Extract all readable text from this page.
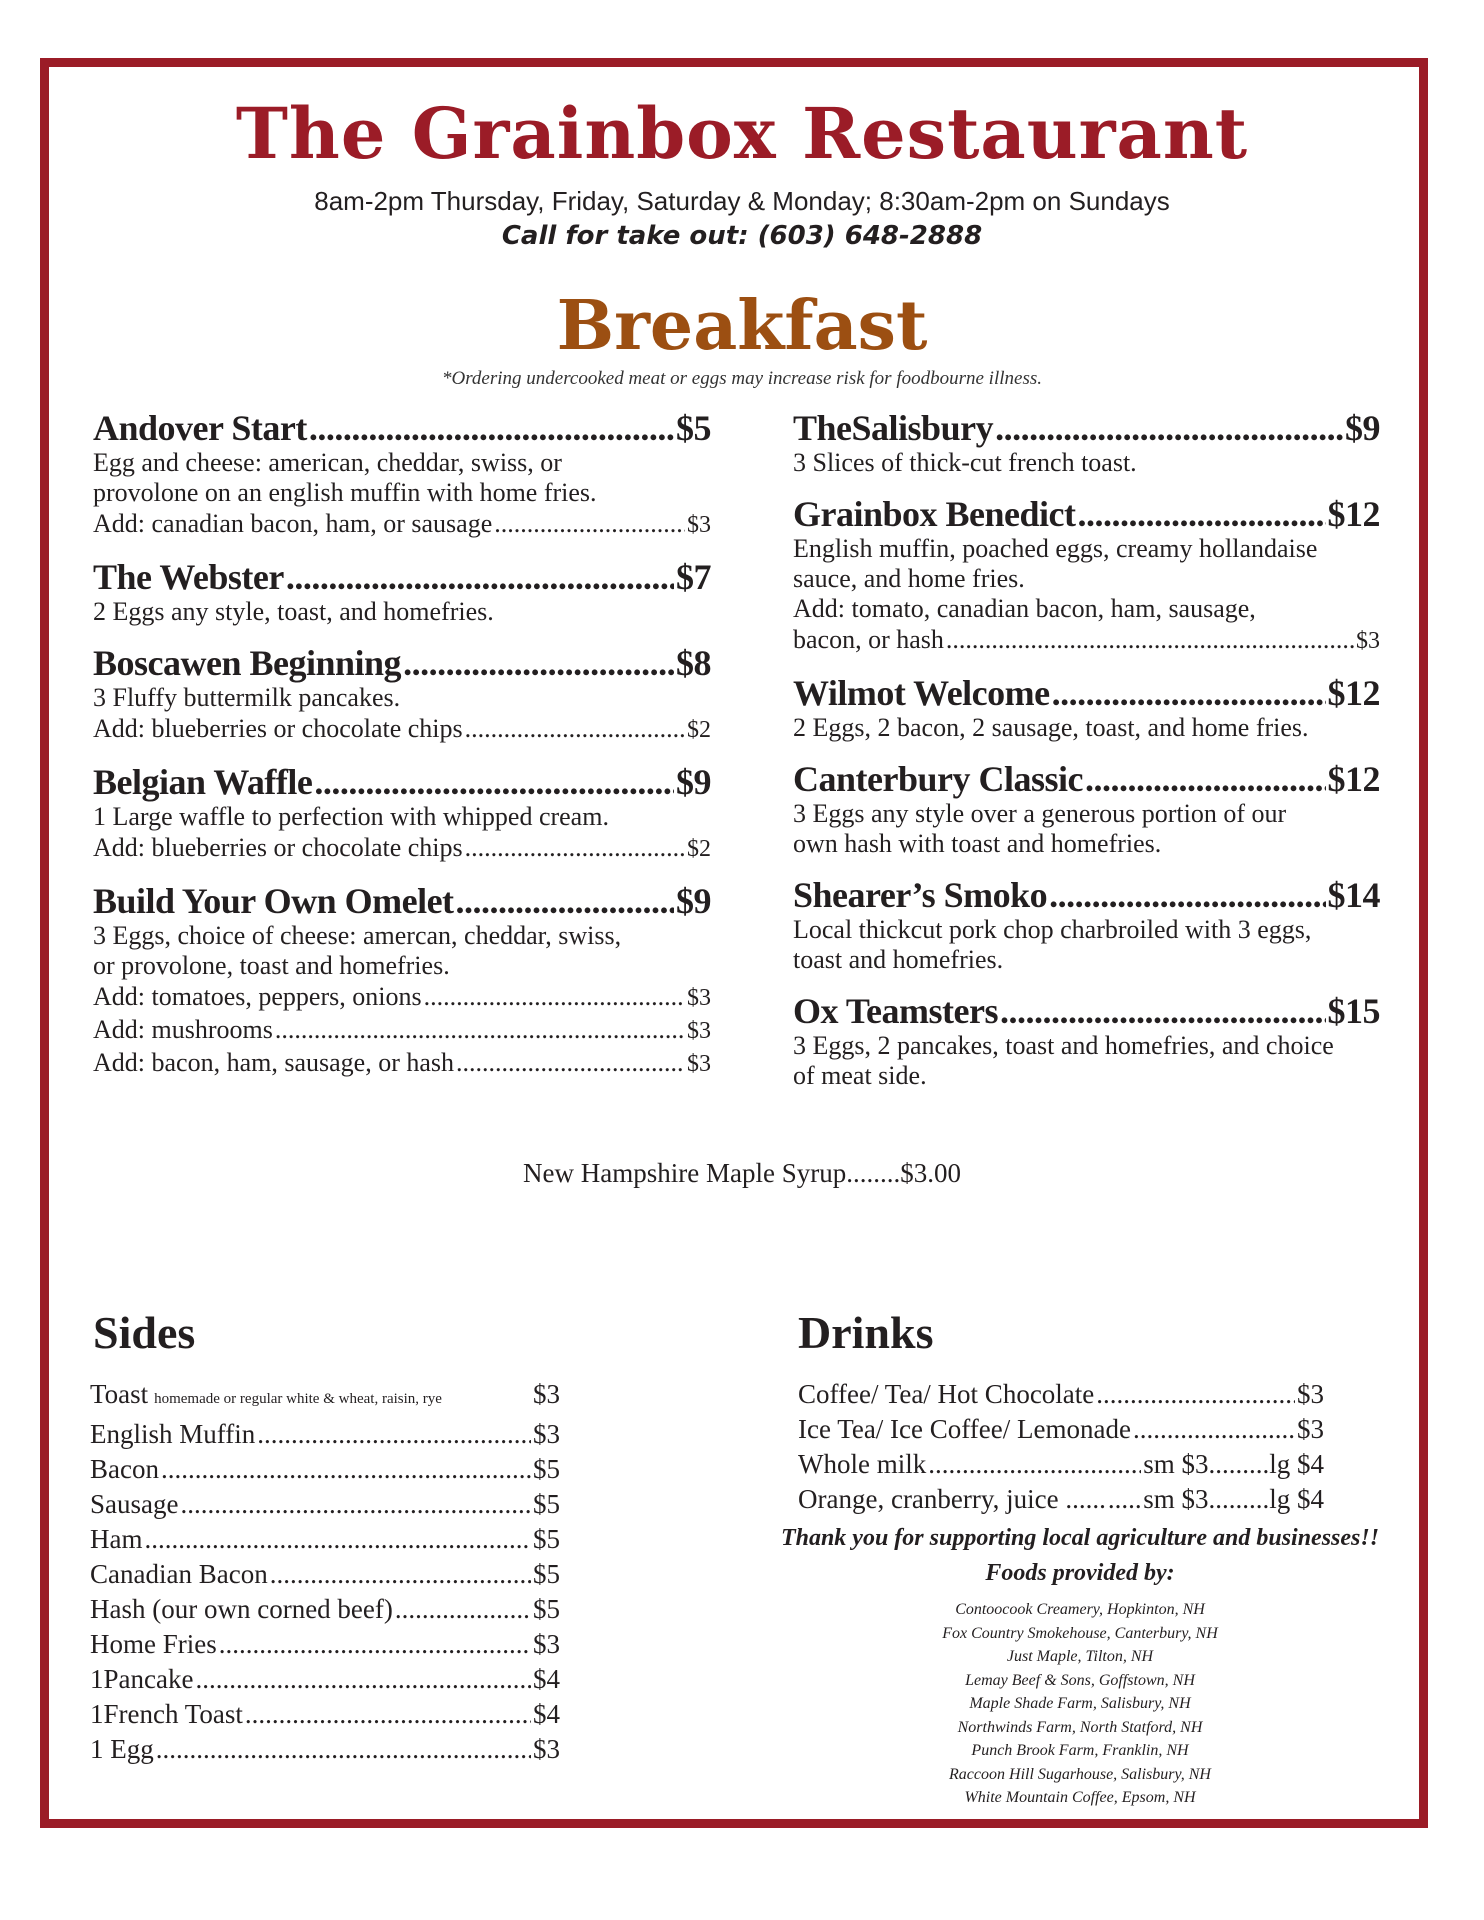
The Grainbox Restaurant
8am-2pm Thursday, Friday, Saturday & Monday; 8:30am-2pm on Sundays
Call for take out: (603) 648-2888
Breakfast
*Ordering undercooked meat or eggs may increase risk for foodbourne illness.
Andover Start .....	$5
Egg and cheese: american, cheddar, swiss, or
provolone on an english muffin with home fries.
Add: canadian bacon, ham, or sausage .....	$3
The Webster .....	$7
2 Eggs any style, toast, and homefries.
Boscawen Beginning .....	$8
3 Fluffy buttermilk pancakes.
Add: blueberries or chocolate chips .....	$2
Belgian Waffle .....	$9
1 Large waffle to perfection with whipped cream.
Add: blueberries or chocolate chips .....	$2
Build Your Own Omelet .....	$9
3 Eggs, choice of cheese: amercan, cheddar, swiss,
or provolone, toast and homefries.
Add: tomatoes, peppers, onions .....	$3
Add: mushrooms .....	$3
Add: bacon, ham, sausage, or hash .....	$3
TheSalisbury .....	$9
3 Slices of thick-cut french toast.
Grainbox Benedict .....	$12
English muffin, poached eggs, creamy hollandaise
sauce, and home fries.
Add: tomato, canadian bacon, ham, sausage,
bacon, or hash .....	$3
Wilmot Welcome .....	$12
2 Eggs, 2 bacon, 2 sausage, toast, and home fries.
Canterbury Classic .....	$12
3 Eggs any style over a generous portion of our
own hash with toast and homefries.
Shearer’s Smoko .....	$14
Local thickcut pork chop charbroiled with 3 eggs,
toast and homefries.
Ox Teamsters .....	$15
3 Eggs, 2 pancakes, toast and homefries, and choice
of meat side.
New Hampshire Maple Syrup........$3.00
Sides	Drinks
Toast homemade or regular white & wheat, raisin, rye	$3
English Muffin .....	$3
Bacon .....	$5
Sausage .....	$5
Ham .....	$5
Canadian Bacon .....	$5
Hash (our own corned beef) .....	$5
Home Fries .....	$3
1Pancake .....	$4
1French Toast .....	$4
1 Egg .....	$3
Coffee/ Tea/ Hot Chocolate .....	$3
Ice Tea/ Ice Coffee/ Lemonade .....	$3
Whole milk .....	sm $3.........lg $4
Orange, cranberry, juice ...... ..... sm $3.........lg $4
Thank you for supporting local agriculture and businesses!!
Foods provided by:
Contoocook Creamery, Hopkinton, NH
Fox Country Smokehouse, Canterbury, NH
Just Maple, Tilton, NH
Lemay Beef & Sons, Goffstown, NH
Maple Shade Farm, Salisbury, NH
Northwinds Farm, North Statford, NH
Punch Brook Farm, Franklin, NH
Raccoon Hill Sugarhouse, Salisbury, NH
White Mountain Coffee, Epsom, NH
